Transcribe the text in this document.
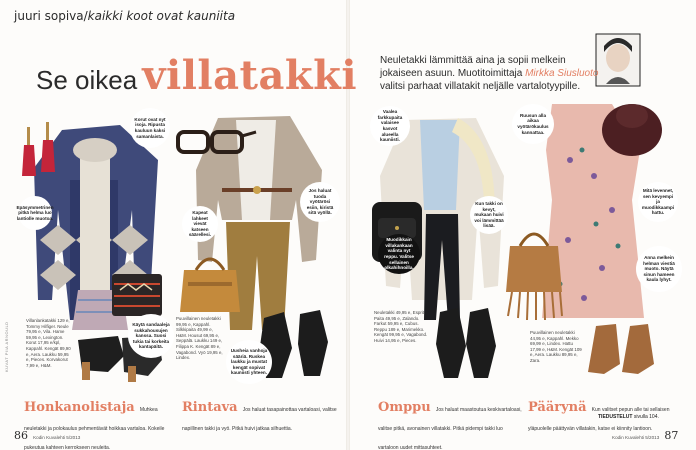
juuri sopiva/kaikki koot ovat kauniita
Se oikea villatakki Neuletakki lämmittää aina ja sopii melkein jokaiseen asuun. Muotitoimittaja Mirkka Siusluoto valitsi parhaat villatakit neljälle vartalotyypille.
Korut ovat nyt isoja. Ripusta kauluun kaksi samanlaista.
Epäsymmetrinen pitkä helma luo lantiolle muotoa.
Kapeat lahkeet vievät katseen säärellesi.
Jos haluat tuoda vyötärösi esiin, kiristä sitä vyöllä.
Käytä sandaaleja sukkahousujen kanssa. Suosi tukia tai korkeita kantapäitä.
Uusheia vanhoja sääriä. Ruskea laukku ja mustat kengät sopivat kauniisti yhteen.
Vaalea farkkupaita valaisee kasvot alueella kauniisti.
Muodikkain villakankaan valinta nyt reppu. Valitse sellainen olkahihnoilla.
Kun takki on kevyt, mukaan huivi voi lämmittää lisää.
Ruusun alla aikaa vyötärökaulus kannattaa.
Mitä levennet, sen kevyempi ja muodikkaampi hattu.
Anna melkein helman viestiä muoto. Näytä sinun hameen kaula lyhyt.
Villanlankatakki 129 e, Tommy Hilfiger. Neule 79,95 e, Vila. Hame 59,95 e, Lexington. Korut 17,95 e/kpl, Kappahl. Kengät 89,90 e, Aera. Laukku 59,95 e, Pieces. Korvakorut 7,99 e, H&M.
Puuvillainen neuletakki 99,95 e, Kappahl. Silkkipaita 49,99 e, H&M. Housut 69,95 e, Seppälä. Laukku 149 e, Filippa K. Kengät 89 e, Vagabond. Vyö 19,95 e, Lindex.
Neuletakki 49,95 e, Esprit. Paita 49,95 e, Zalando. Farkut 59,95 e, Cubus. Reppu 189 e, Marimekko. Kengät 99,95 e, Vagabond. Huivi 14,95 e, Pieces.
Puuvillainen neuletakki 44,95 e, Kappahl. Mekko 69,99 e, Lindex. Hattu 17,99 e, H&M. Kengät 109 e, Aera. Laukku 89,95 e, Zara.
Honkanolistaja Muhkea neuletakki ja polokaulus pehmentävät hoikkaa vartaloa. Kokeile pukeutua kahteen kerrokseen neuleita.
Rintava Jos haluat tasapainottaa vartaloasi, valitse napillinen takki ja vyö. Pitkä huivi jatkaa silhuettia.
Omppu Jos haluat maastoutua keskivartaloasi, valitse pitkä, avonainen villatakki. Pitkä pidempi takki luo vartaloon uudet mittasuhteet.
Päärynä Kun valitset pepun alle tai sellaisen yläpuolelle päättyvän villatakin, katse ei kiinnity lantioon.
TIEDUSTELUT sivulla 104.
86 Kodin Kuvalehti 5/2013	Kodin Kuvalehti 5/2013 87
KUVAT PIIA ARNOULD
